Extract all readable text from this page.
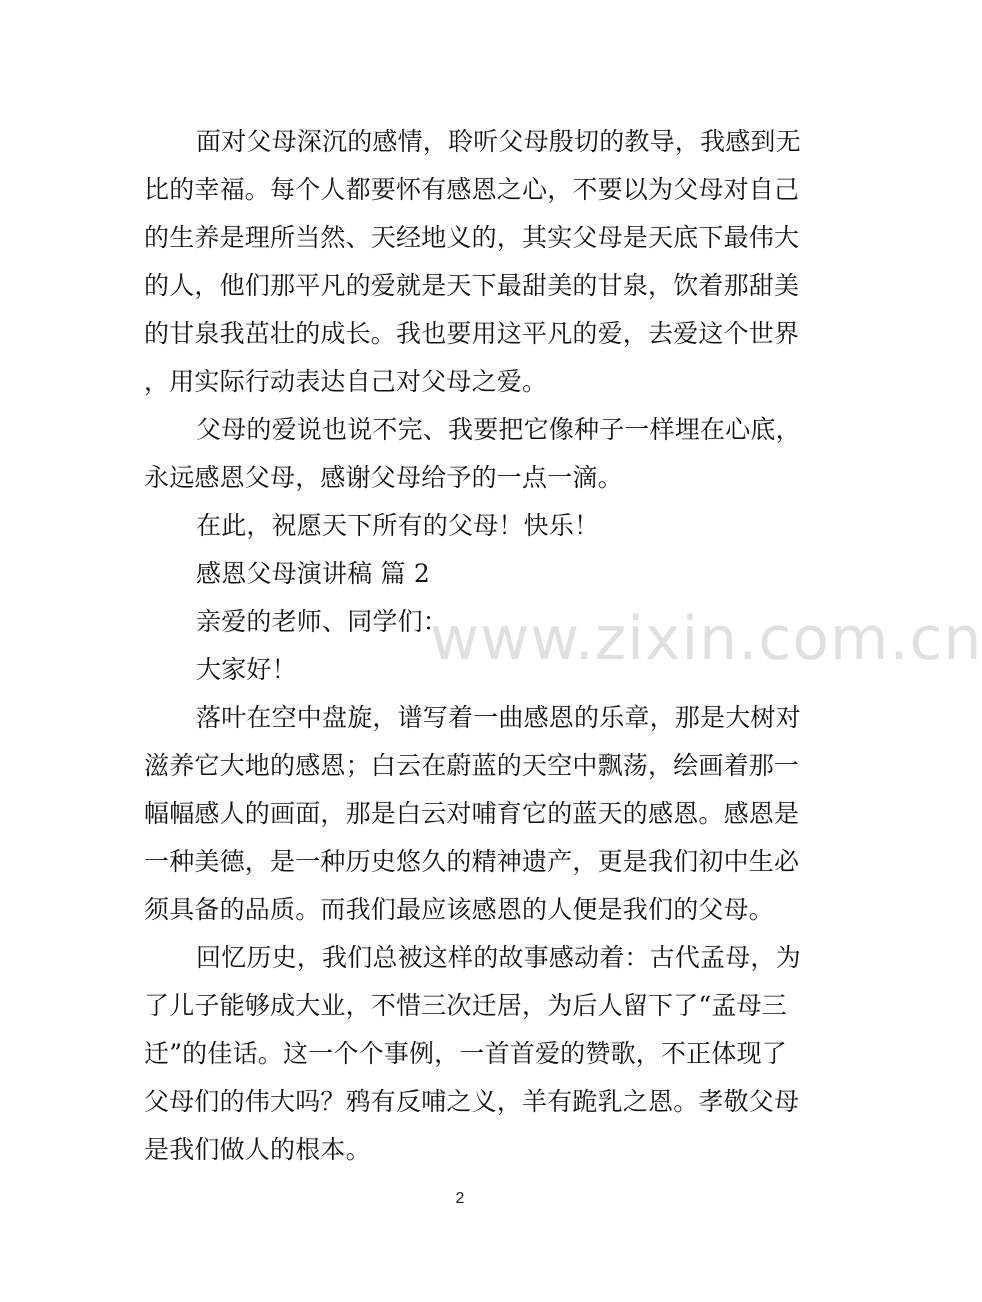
面对父母深沉的感情，聆听父母殷切的教导，我感到无
比的幸福。每个人都要怀有感恩之心，不要以为父母对自己
的生养是理所当然、天经地义的，其实父母是天底下最伟大
的人，他们那平凡的爱就是天下最甜美的甘泉，饮着那甜美
的甘泉我茁壮的成长。我也要用这平凡的爱，去爱这个世界
，用实际行动表达自己对父母之爱。
父母的爱说也说不完、我要把它像种子一样埋在心底，
永远感恩父母，感谢父母给予的一点一滴。
在此，祝愿天下所有的父母！快乐！
感恩父母演讲稿 篇 2
亲爱的老师、同学们：
大家好！
落叶在空中盘旋，谱写着一曲感恩的乐章，那是大树对
滋养它大地的感恩；白云在蔚蓝的天空中飘荡，绘画着那一
幅幅感人的画面，那是白云对哺育它的蓝天的感恩。感恩是
一种美德，是一种历史悠久的精神遗产，更是我们初中生必
须具备的品质。而我们最应该感恩的人便是我们的父母。
回忆历史，我们总被这样的故事感动着：古代孟母，为
了儿子能够成大业，不惜三次迁居，为后人留下了“孟母三
迁”的佳话。这一个个事例，一首首爱的赞歌，不正体现了
父母们的伟大吗？鸦有反哺之义，羊有跪乳之恩。孝敬父母
是我们做人的根本。
www.zixin.com.cn
2
